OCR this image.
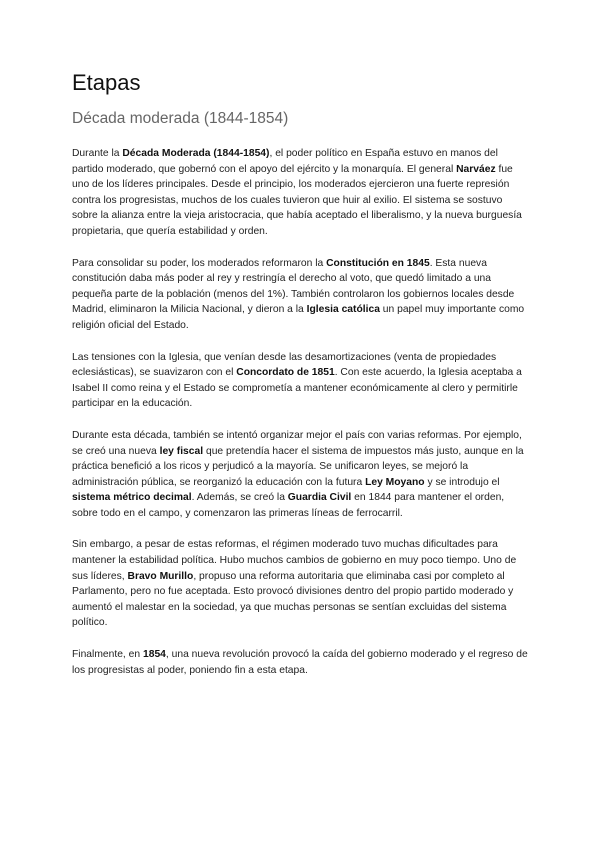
Etapas
Década moderada (1844-1854)

Durante la Década Moderada (1844-1854), el poder político en España estuvo en manos del partido moderado, que gobernó con el apoyo del ejército y la monarquía. El general Narváez fue uno de los líderes principales. Desde el principio, los moderados ejercieron una fuerte represión contra los progresistas, muchos de los cuales tuvieron que huir al exilio. El sistema se sostuvo sobre la alianza entre la vieja aristocracia, que había aceptado el liberalismo, y la nueva burguesía propietaria, que quería estabilidad y orden.

Para consolidar su poder, los moderados reformaron la Constitución en 1845. Esta nueva constitución daba más poder al rey y restringía el derecho al voto, que quedó limitado a una pequeña parte de la población (menos del 1%). También controlaron los gobiernos locales desde Madrid, eliminaron la Milicia Nacional, y dieron a la Iglesia católica un papel muy importante como religión oficial del Estado.

Las tensiones con la Iglesia, que venían desde las desamortizaciones (venta de propiedades eclesiásticas), se suavizaron con el Concordato de 1851. Con este acuerdo, la Iglesia aceptaba a Isabel II como reina y el Estado se comprometía a mantener económicamente al clero y permitirle participar en la educación.

Durante esta década, también se intentó organizar mejor el país con varias reformas. Por ejemplo, se creó una nueva ley fiscal que pretendía hacer el sistema de impuestos más justo, aunque en la práctica benefició a los ricos y perjudicó a la mayoría. Se unificaron leyes, se mejoró la administración pública, se reorganizó la educación con la futura Ley Moyano y se introdujo el sistema métrico decimal. Además, se creó la Guardia Civil en 1844 para mantener el orden, sobre todo en el campo, y comenzaron las primeras líneas de ferrocarril.

Sin embargo, a pesar de estas reformas, el régimen moderado tuvo muchas dificultades para mantener la estabilidad política. Hubo muchos cambios de gobierno en muy poco tiempo. Uno de sus líderes, Bravo Murillo, propuso una reforma autoritaria que eliminaba casi por completo al Parlamento, pero no fue aceptada. Esto provocó divisiones dentro del propio partido moderado y aumentó el malestar en la sociedad, ya que muchas personas se sentían excluidas del sistema político.

Finalmente, en 1854, una nueva revolución provocó la caída del gobierno moderado y el regreso de los progresistas al poder, poniendo fin a esta etapa.
